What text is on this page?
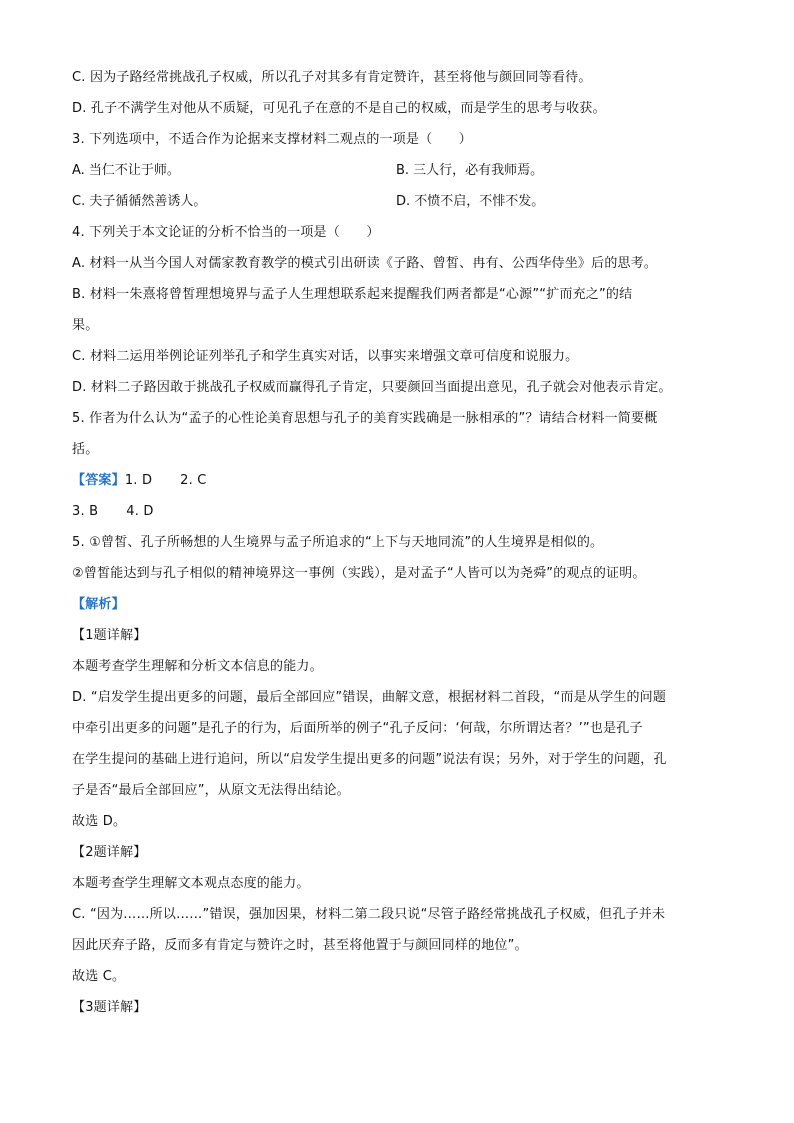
C. 因为子路经常挑战孔子权威，所以孔子对其多有肯定赞许，甚至将他与颜回同等看待。
D. 孔子不满学生对他从不质疑，可见孔子在意的不是自己的权威，而是学生的思考与收获。
3. 下列选项中，不适合作为论据来支撑材料二观点的一项是（　　）
A. 当仁不让于师。	B. 三人行，必有我师焉。
C. 夫子循循然善诱人。	D. 不愤不启，不悱不发。
4. 下列关于本文论证的分析不恰当的一项是（　　）
A. 材料一从当今国人对儒家教育教学的模式引出研读《子路、曾皙、冉有、公西华侍坐》后的思考。
B. 材料一朱熹将曾皙理想境界与孟子人生理想联系起来提醒我们两者都是“心源”“扩而充之”的结
果。
C. 材料二运用举例论证列举孔子和学生真实对话，以事实来增强文章可信度和说服力。
D. 材料二子路因敢于挑战孔子权威而赢得孔子肯定，只要颜回当面提出意见，孔子就会对他表示肯定。
5. 作者为什么认为“孟子的心性论美育思想与孔子的美育实践确是一脉相承的”？请结合材料一简要概
括。
【答案】1. D 2. C
3. B 4. D
5. ①曾皙、孔子所畅想的人生境界与孟子所追求的“上下与天地同流”的人生境界是相似的。
②曾皙能达到与孔子相似的精神境界这一事例（实践），是对孟子“人皆可以为尧舜”的观点的证明。
【解析】
【1题详解】
本题考查学生理解和分析文本信息的能力。
D. “启发学生提出更多的问题，最后全部回应”错误，曲解文意，根据材料二首段，“而是从学生的问题
中牵引出更多的问题”是孔子的行为，后面所举的例子“孔子反问：‘何哉，尔所谓达者？’”也是孔子
在学生提问的基础上进行追问，所以“启发学生提出更多的问题”说法有误；另外，对于学生的问题，孔
子是否“最后全部回应”，从原文无法得出结论。
故选 D。
【2题详解】
本题考查学生理解文本观点态度的能力。
C. “因为……所以……”错误，强加因果，材料二第二段只说“尽管子路经常挑战孔子权威，但孔子并未
因此厌弃子路，反而多有肯定与赞许之时，甚至将他置于与颜回同样的地位”。
故选 C。
【3题详解】
